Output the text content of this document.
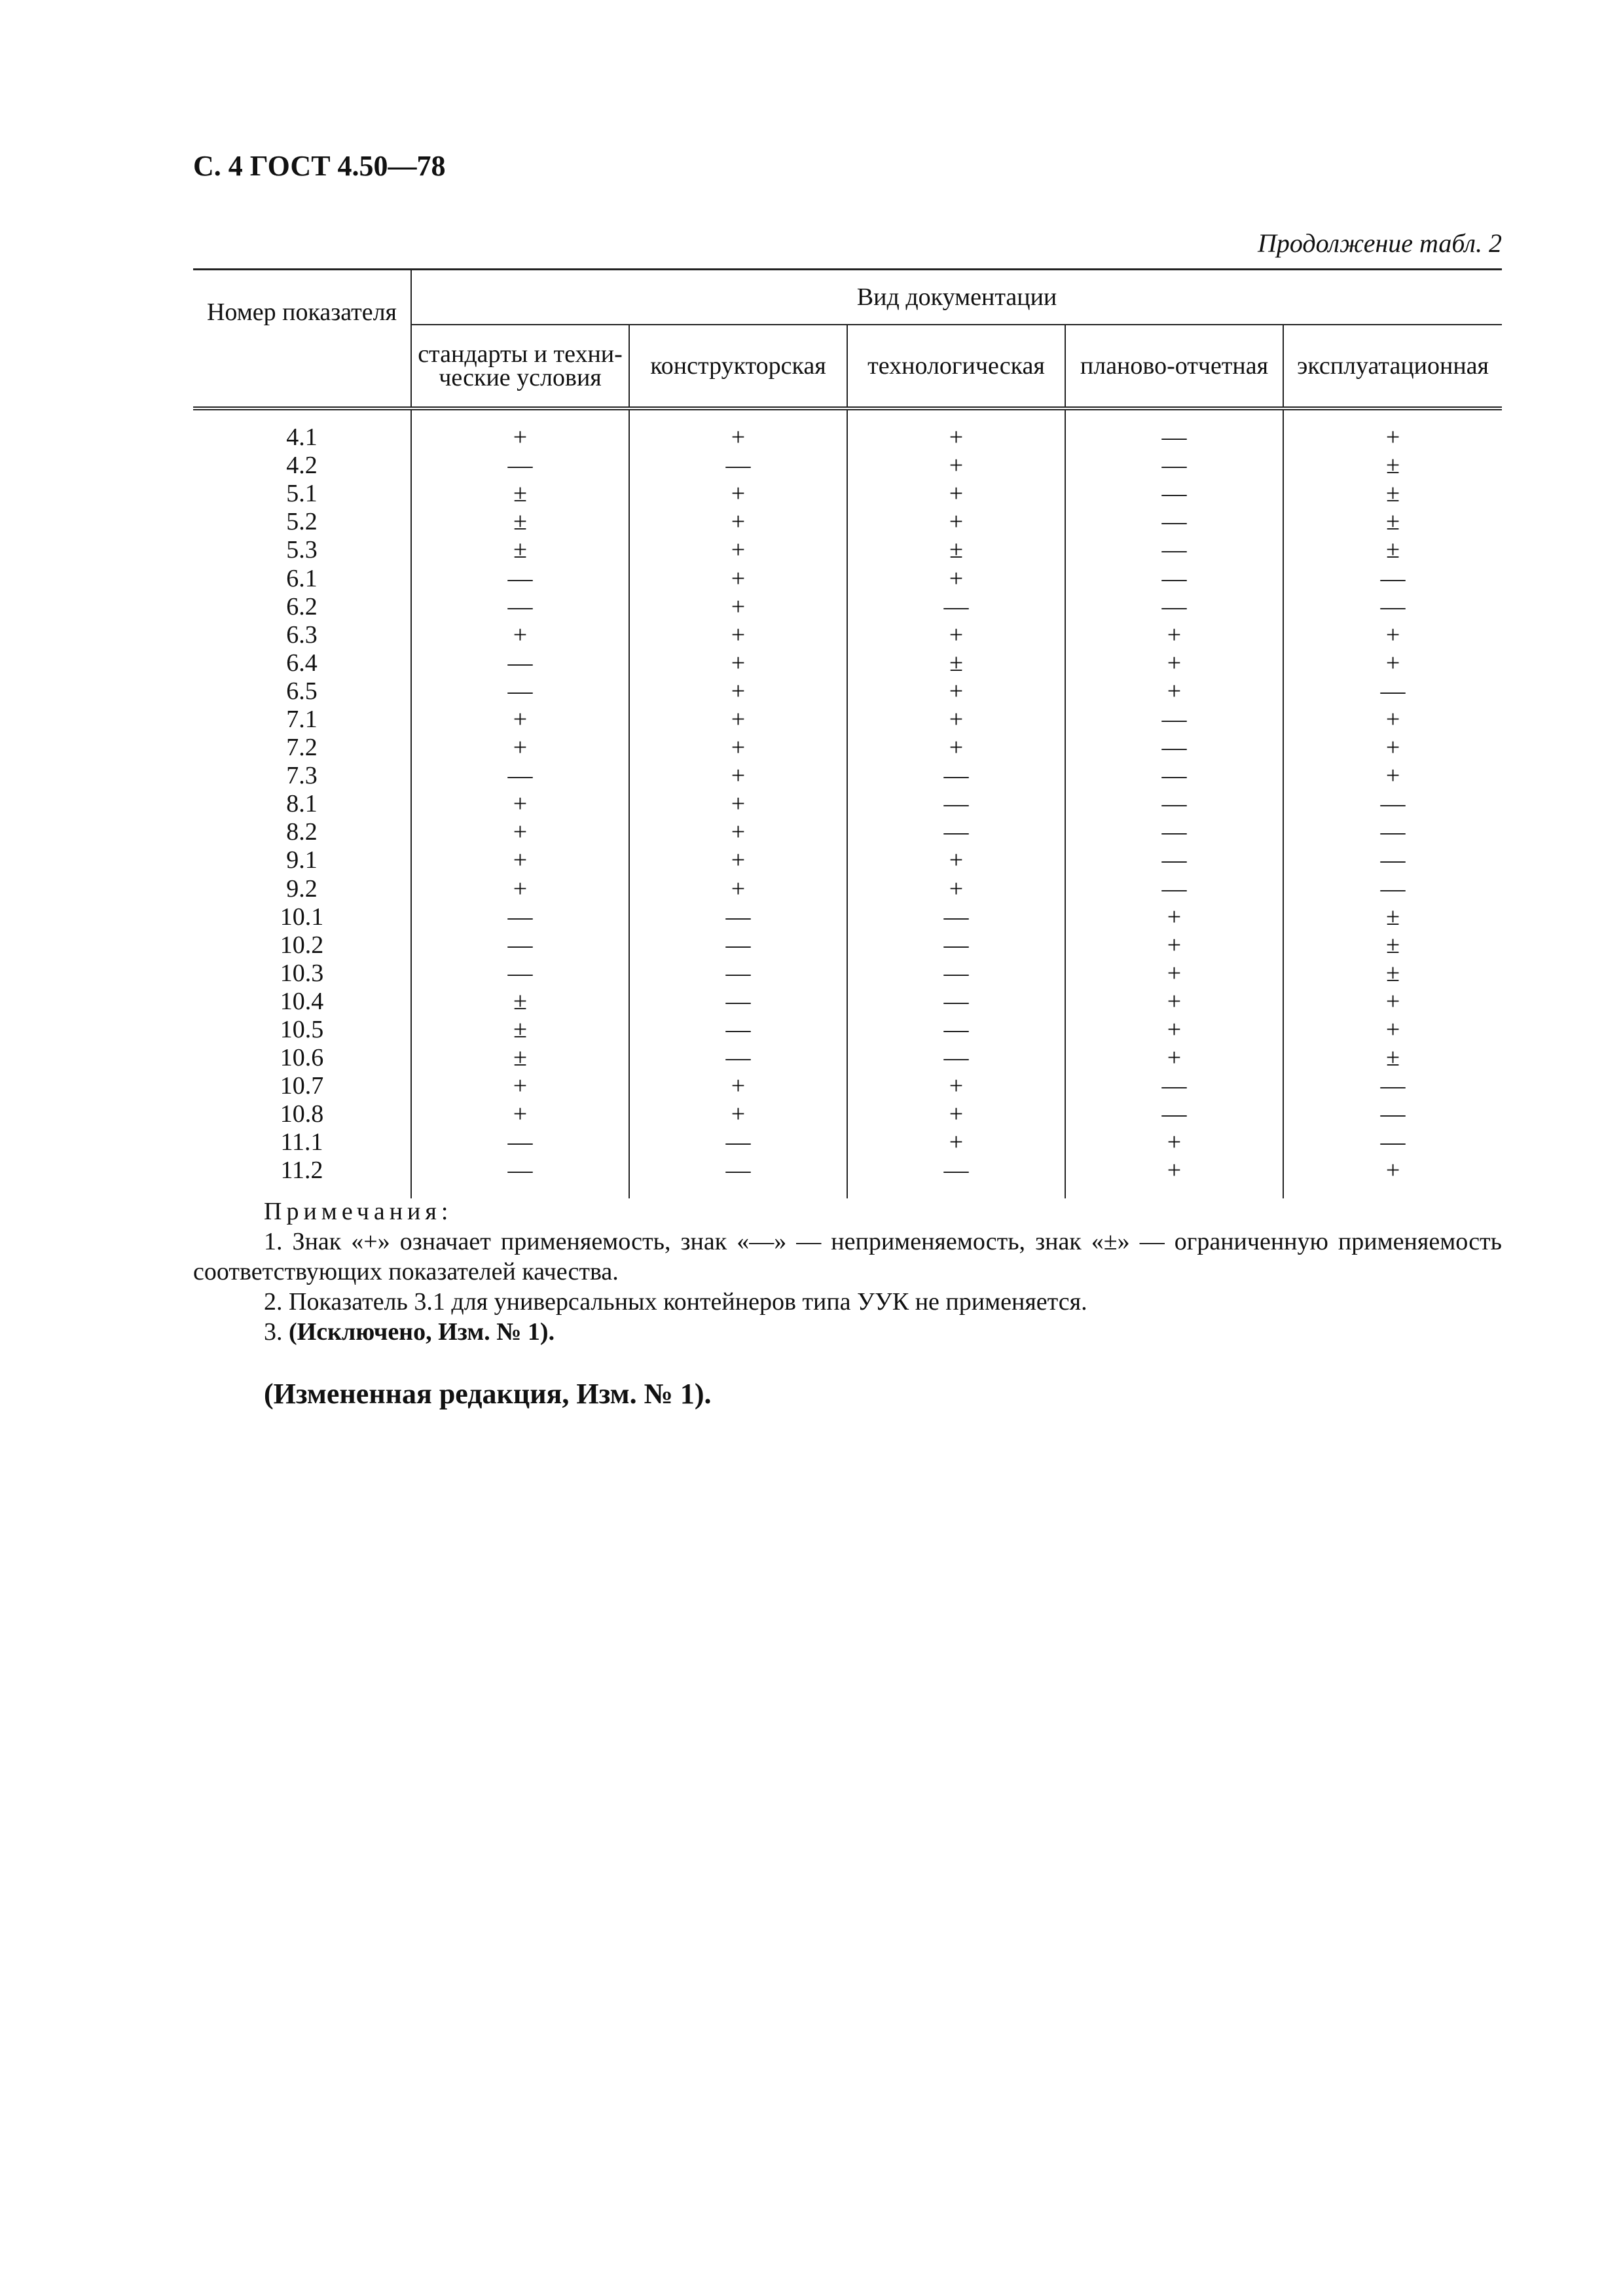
С. 4 ГОСТ 4.50—78
Продолжение табл. 2
Номер показателя	Вид документации				
	стандарты и техни-
ческие условия	конструкторская	технологическая	планово-отчетная	эксплуатационная
4.1	+	+	+	—	+
4.2	—	—	+	—	±
5.1	±	+	+	—	±
5.2	±	+	+	—	±
5.3	±	+	±	—	±
6.1	—	+	+	—	—
6.2	—	+	—	—	—
6.3	+	+	+	+	+
6.4	—	+	±	+	+
6.5	—	+	+	+	—
7.1	+	+	+	—	+
7.2	+	+	+	—	+
7.3	—	+	—	—	+
8.1	+	+	—	—	—
8.2	+	+	—	—	—
9.1	+	+	+	—	—
9.2	+	+	+	—	—
10.1	—	—	—	+	±
10.2	—	—	—	+	±
10.3	—	—	—	+	±
10.4	±	—	—	+	+
10.5	±	—	—	+	+
10.6	±	—	—	+	±
10.7	+	+	+	—	—
10.8	+	+	+	—	—
11.1	—	—	+	+	—
11.2	—	—	—	+	+
Примечания:
1. Знак «+» означает применяемость, знак «—» — неприменяемость, знак «±» — ограниченную применяемость соответствующих показателей качества.
2. Показатель 3.1 для универсальных контейнеров типа УУК не применяется.
3. (Исключено, Изм. № 1).
(Измененная редакция, Изм. № 1).
